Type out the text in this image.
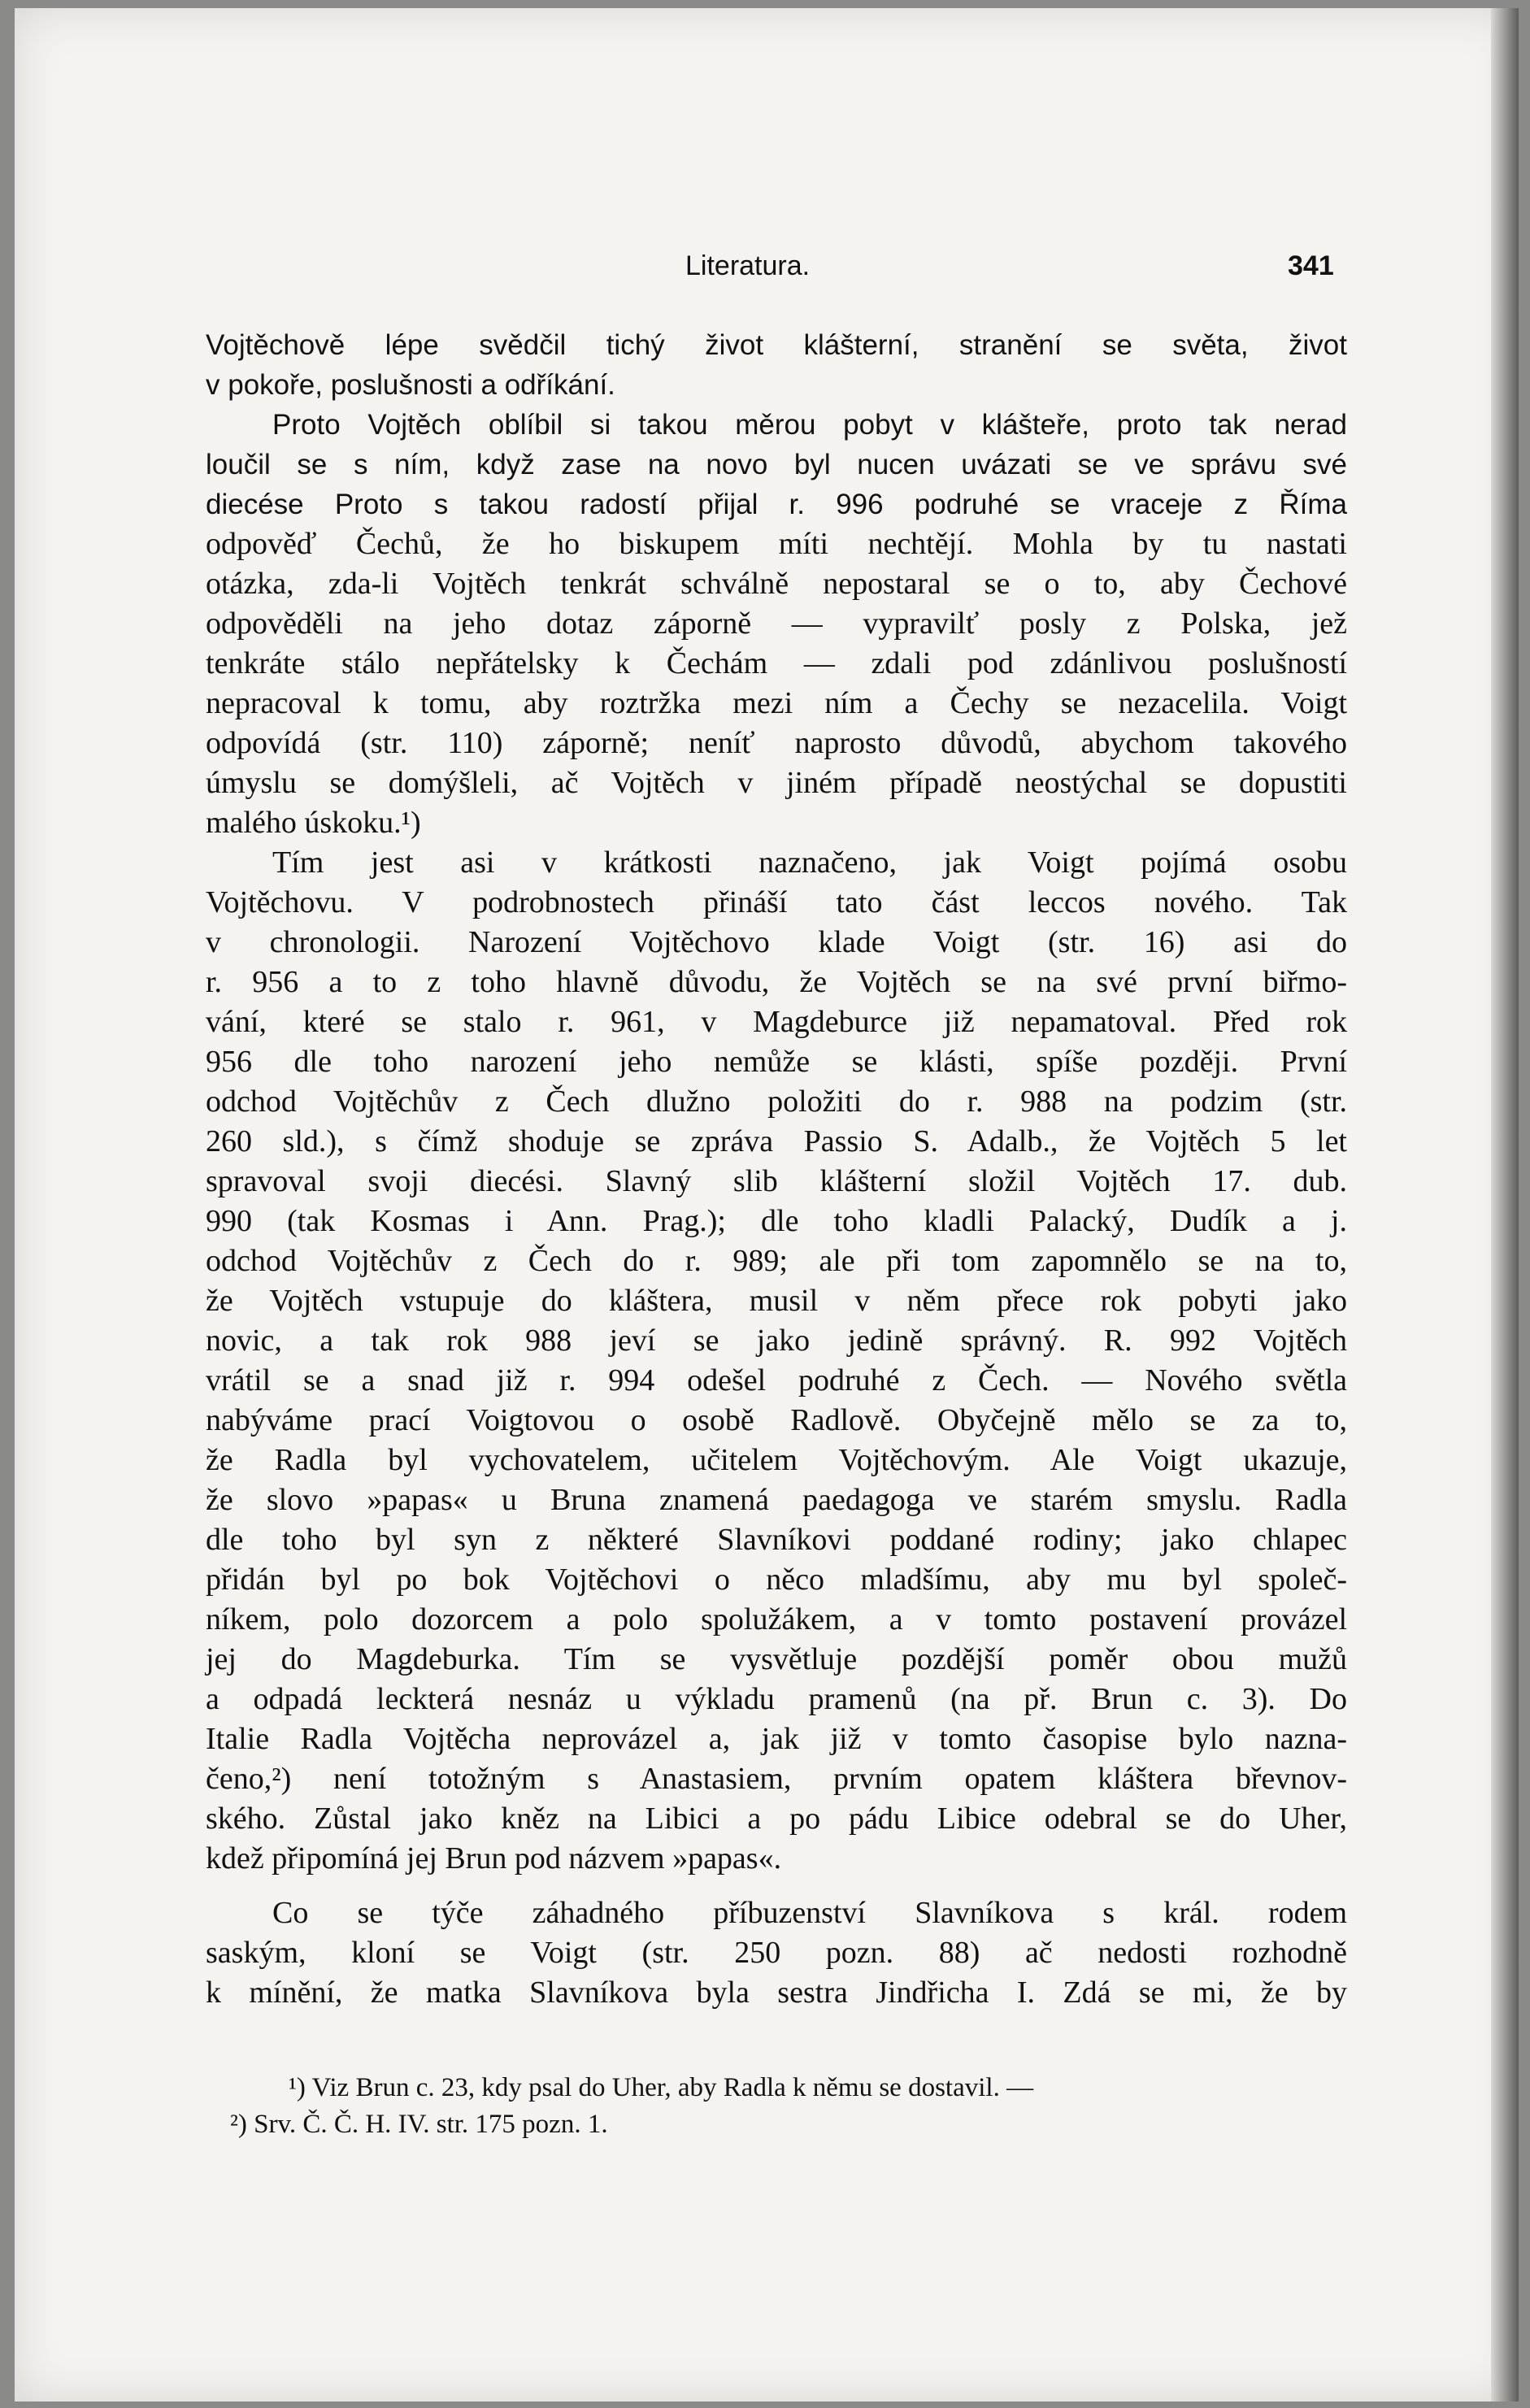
Literatura.	341
Vojtěchově lépe svědčil tichý život klášterní, stranění se světa, život
v pokoře, poslušnosti a odříkání.
Proto Vojtěch oblíbil si takou měrou pobyt v klášteře, proto tak nerad
loučil se s ním, když zase na novo byl nucen uvázati se ve správu své
diecése Proto s takou radostí přijal r. 996 podruhé se vraceje z Říma
odpověď Čechů, že ho biskupem míti nechtějí. Mohla by tu nastati
otázka, zda-li Vojtěch tenkrát schválně nepostaral se o to, aby Čechové
odpověděli na jeho dotaz záporně — vypravilť posly z Polska, jež
tenkráte stálo nepřátelsky k Čechám — zdali pod zdánlivou poslušností
nepracoval k tomu, aby roztržka mezi ním a Čechy se nezacelila. Voigt
odpovídá (str. 110) záporně; neníť naprosto důvodů, abychom takového
úmyslu se domýšleli, ač Vojtěch v jiném případě neostýchal se dopustiti
malého úskoku.¹)
Tím jest asi v krátkosti naznačeno, jak Voigt pojímá osobu
Vojtěchovu. V podrobnostech přináší tato část leccos nového. Tak
v chronologii. Narození Vojtěchovo klade Voigt (str. 16) asi do
r. 956 a to z toho hlavně důvodu, že Vojtěch se na své první biřmo-
vání, které se stalo r. 961, v Magdeburce již nepamatoval. Před rok
956 dle toho narození jeho nemůže se klásti, spíše později. První
odchod Vojtěchův z Čech dlužno položiti do r. 988 na podzim (str.
260 sld.), s čímž shoduje se zpráva Passio S. Adalb., že Vojtěch 5 let
spravoval svoji diecési. Slavný slib klášterní složil Vojtěch 17. dub.
990 (tak Kosmas i Ann. Prag.); dle toho kladli Palacký, Dudík a j.
odchod Vojtěchův z Čech do r. 989; ale při tom zapomnělo se na to,
že Vojtěch vstupuje do kláštera, musil v něm přece rok pobyti jako
novic, a tak rok 988 jeví se jako jedině správný. R. 992 Vojtěch
vrátil se a snad již r. 994 odešel podruhé z Čech. — Nového světla
nabýváme prací Voigtovou o osobě Radlově. Obyčejně mělo se za to,
že Radla byl vychovatelem, učitelem Vojtěchovým. Ale Voigt ukazuje,
že slovo »papas« u Bruna znamená paedagoga ve starém smyslu. Radla
dle toho byl syn z některé Slavníkovi poddané rodiny; jako chlapec
přidán byl po bok Vojtěchovi o něco mladšímu, aby mu byl společ-
níkem, polo dozorcem a polo spolužákem, a v tomto postavení provázel
jej do Magdeburka. Tím se vysvětluje pozdější poměr obou mužů
a odpadá leckterá nesnáz u výkladu pramenů (na př. Brun c. 3). Do
Italie Radla Vojtěcha neprovázel a, jak již v tomto časopise bylo nazna-
čeno,²) není totožným s Anastasiem, prvním opatem kláštera břevnov-
ského. Zůstal jako kněz na Libici a po pádu Libice odebral se do Uher,
kdež připomíná jej Brun pod názvem »papas«.
Co se týče záhadného příbuzenství Slavníkova s král. rodem
saským, kloní se Voigt (str. 250 pozn. 88) ač nedosti rozhodně
k mínění, že matka Slavníkova byla sestra Jindřicha I. Zdá se mi, že by
¹) Viz Brun c. 23, kdy psal do Uher, aby Radla k němu se dostavil. —
²) Srv. Č. Č. H. IV. str. 175 pozn. 1.
